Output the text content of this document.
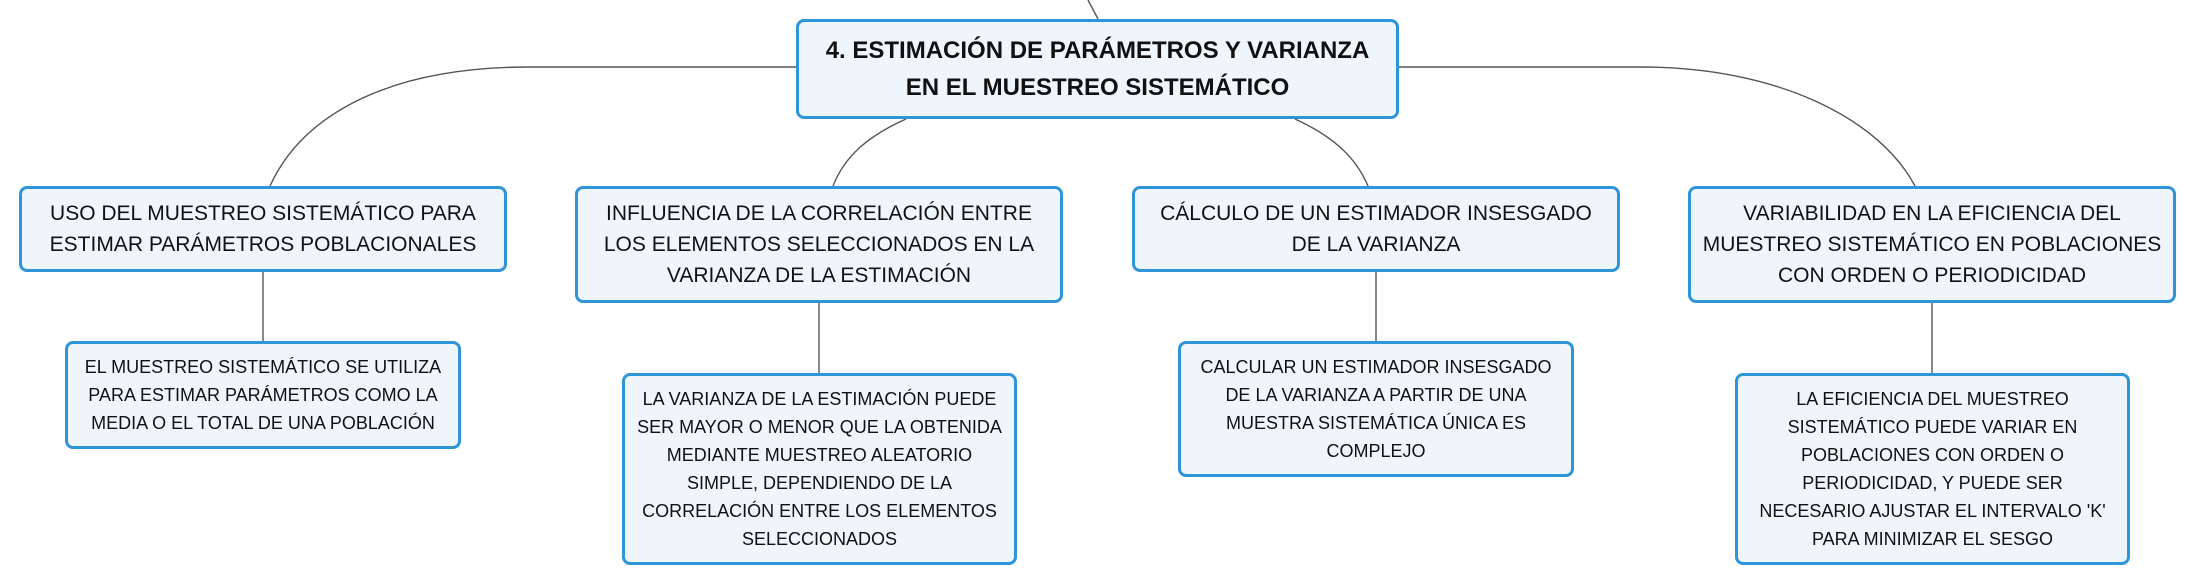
4. ESTIMACIÓN DE PARÁMETROS Y VARIANZA EN EL MUESTREO SISTEMÁTICO
USO DEL MUESTREO SISTEMÁTICO PARA ESTIMAR PARÁMETROS POBLACIONALES
INFLUENCIA DE LA CORRELACIÓN ENTRE LOS ELEMENTOS SELECCIONADOS EN LA VARIANZA DE LA ESTIMACIÓN
CÁLCULO DE UN ESTIMADOR INSESGADO DE LA VARIANZA
VARIABILIDAD EN LA EFICIENCIA DEL MUESTREO SISTEMÁTICO EN POBLACIONES CON ORDEN O PERIODICIDAD
EL MUESTREO SISTEMÁTICO SE UTILIZA PARA ESTIMAR PARÁMETROS COMO LA MEDIA O EL TOTAL DE UNA POBLACIÓN
LA VARIANZA DE LA ESTIMACIÓN PUEDE SER MAYOR O MENOR QUE LA OBTENIDA MEDIANTE MUESTREO ALEATORIO SIMPLE, DEPENDIENDO DE LA CORRELACIÓN ENTRE LOS ELEMENTOS SELECCIONADOS
CALCULAR UN ESTIMADOR INSESGADO DE LA VARIANZA A PARTIR DE UNA MUESTRA SISTEMÁTICA ÚNICA ES COMPLEJO
LA EFICIENCIA DEL MUESTREO SISTEMÁTICO PUEDE VARIAR EN POBLACIONES CON ORDEN O PERIODICIDAD, Y PUEDE SER NECESARIO AJUSTAR EL INTERVALO 'K' PARA MINIMIZAR EL SESGO
